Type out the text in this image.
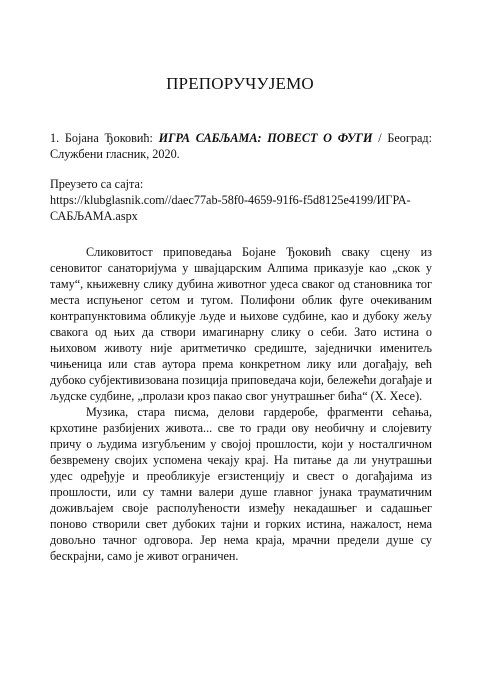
ПРЕПОРУЧУЈЕМО
1. Бојана Ђоковић: ИГРА САБЉАМА: ПОВЕСТ О ФУГИ / Београд: Службени гласник, 2020.
Преузето са сајта:
https://klubglasnik.com//daec77ab-58f0-4659-91f6-f5d8125e4199/ИГРА-
САБЉАМА.aspx

Сликовитост приповедања Бојане Ђоковић сваку сцену из сеновитог санаторијума у швајцарским Алпима приказује као „скок у таму“, књижевну слику дубина животног удеса сваког од становника тог места испуњеног сетом и тугом. Полифони облик фуге очекиваним контрапунктовима обликује људе и њихове судбине, као и дубоку жељу свакога од њих да створи имагинарну слику о себи. Зато истина о њиховом животу није аритметичко средиште, заједнички именитељ чињеница или став аутора према конкретном лику или догађају, већ дубоко субјективизована позиција приповедача који, бележећи догађаје и људске судбине, „пролази кроз пакао свог унутрашњег бића“ (Х. Хесе).

Музика, стара писма, делови гардеробе, фрагменти сећања, крхотине разбијених живота... све то гради ову необичну и слојевиту причу о људима изгубљеним у својој прошлости, који у носталгичном безвремену својих успомена чекају крај. На питање да ли унутрашњи удес одређује и преобликује егзистенцију и свест о догађајима из прошлости, или су тамни валери душе главног јунака трауматичним доживљајем своје располућености између некадашњег и садашњег поново створили свет дубоких тајни и горких истина, нажалост, нема довољно тачног одговора. Јер нема краја, мрачни предели душе су бескрајни, само је живот ограничен.
